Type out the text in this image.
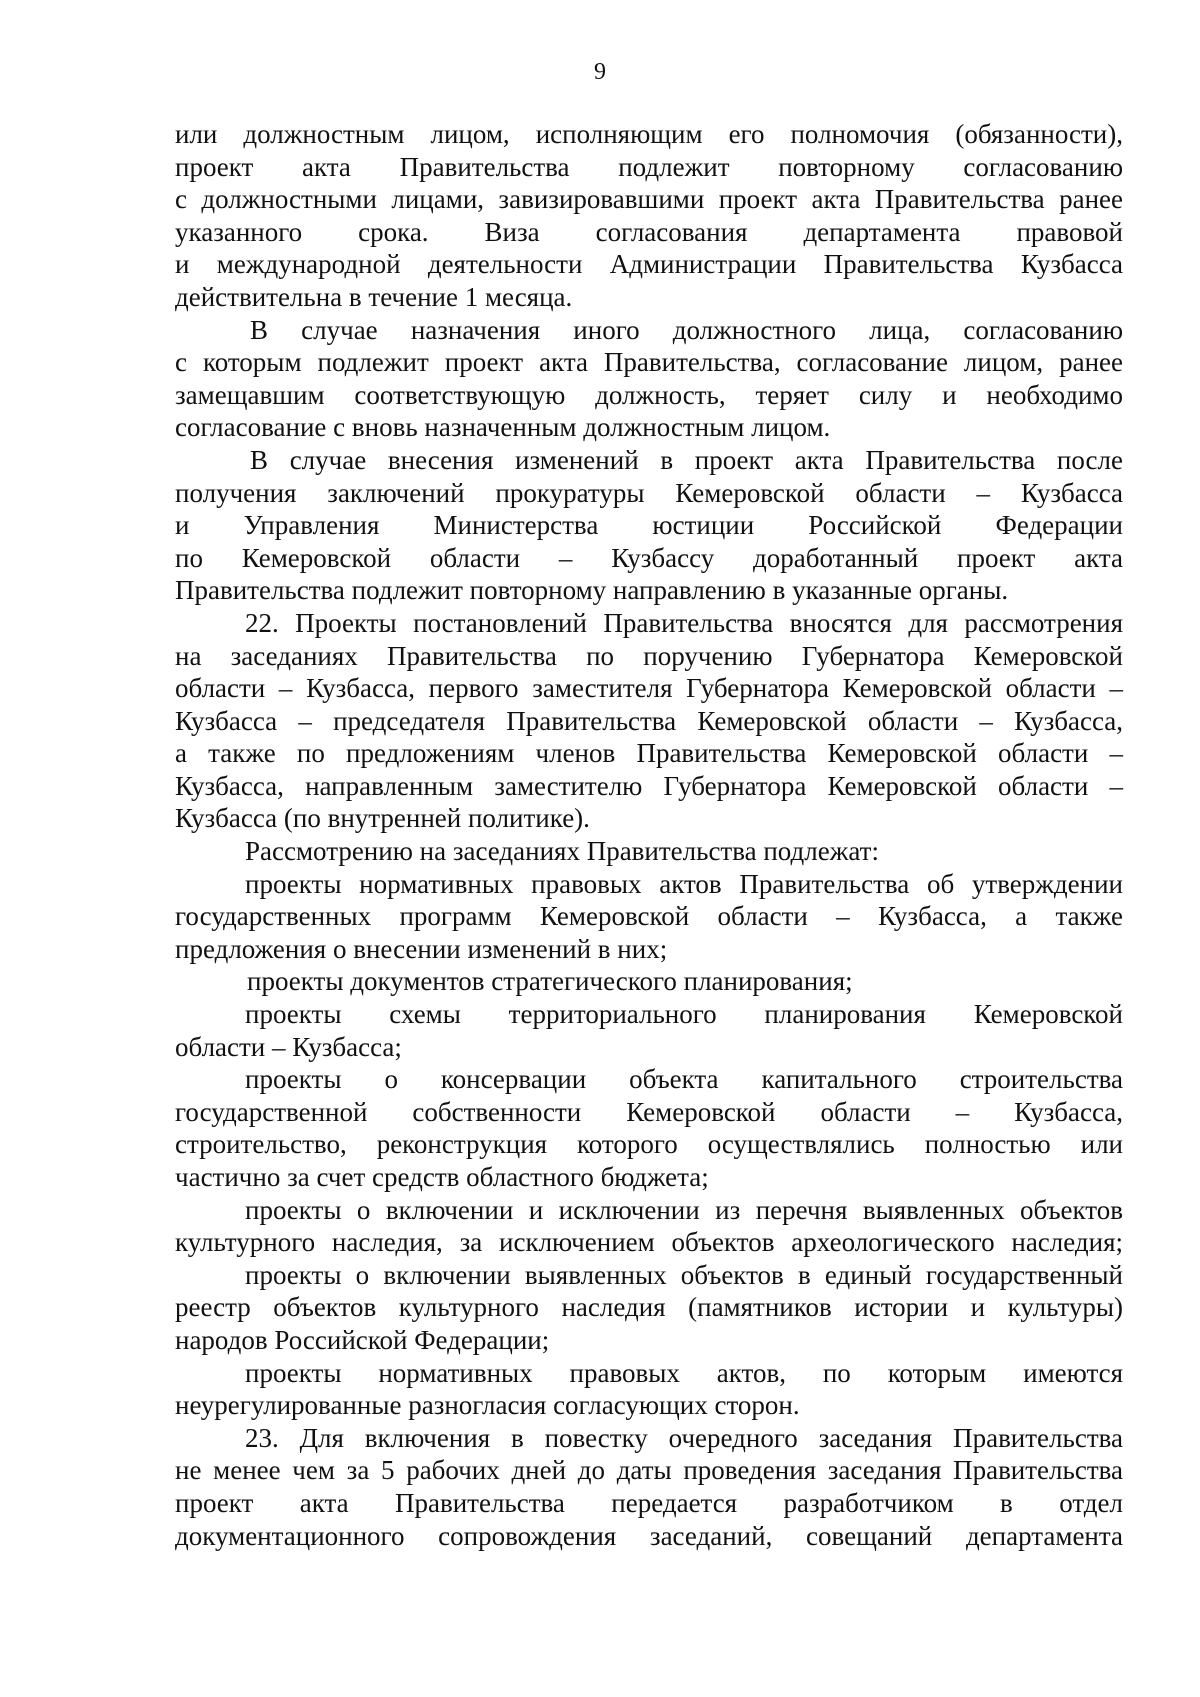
9
или должностным лицом, исполняющим его полномочия (обязанности),
проект акта Правительства подлежит повторному согласованию
с должностными лицами, завизировавшими проект акта Правительства ранее
указанного срока. Виза согласования департамента правовой
и международной деятельности Администрации Правительства Кузбасса
действительна в течение 1 месяца.
В случае назначения иного должностного лица, согласованию
с которым подлежит проект акта Правительства, согласование лицом, ранее
замещавшим соответствующую должность, теряет силу и необходимо
согласование с вновь назначенным должностным лицом.
В случае внесения изменений в проект акта Правительства после
получения заключений прокуратуры Кемеровской области – Кузбасса
и Управления Министерства юстиции Российской Федерации
по Кемеровской области – Кузбассу доработанный проект акта
Правительства подлежит повторному направлению в указанные органы.
22. Проекты постановлений Правительства вносятся для рассмотрения
на заседаниях Правительства по поручению Губернатора Кемеровской
области – Кузбасса, первого заместителя Губернатора Кемеровской области –
Кузбасса – председателя Правительства Кемеровской области – Кузбасса,
а также по предложениям членов Правительства Кемеровской области –
Кузбасса, направленным заместителю Губернатора Кемеровской области –
Кузбасса (по внутренней политике).
Рассмотрению на заседаниях Правительства подлежат:
проекты нормативных правовых актов Правительства об утверждении
государственных программ Кемеровской области – Кузбасса, а также
предложения о внесении изменений в них;
проекты документов стратегического планирования;
проекты схемы территориального планирования Кемеровской
области – Кузбасса;
проекты о консервации объекта капитального строительства
государственной собственности Кемеровской области – Кузбасса,
строительство, реконструкция которого осуществлялись полностью или
частично за счет средств областного бюджета;
проекты о включении и исключении из перечня выявленных объектов
культурного наследия, за исключением объектов археологического наследия;
проекты о включении выявленных объектов в единый государственный
реестр объектов культурного наследия (памятников истории и культуры)
народов Российской Федерации;
проекты нормативных правовых актов, по которым имеются
неурегулированные разногласия согласующих сторон.
23. Для включения в повестку очередного заседания Правительства
не менее чем за 5 рабочих дней до даты проведения заседания Правительства
проект акта Правительства передается разработчиком в отдел
документационного сопровождения заседаний, совещаний департамента
